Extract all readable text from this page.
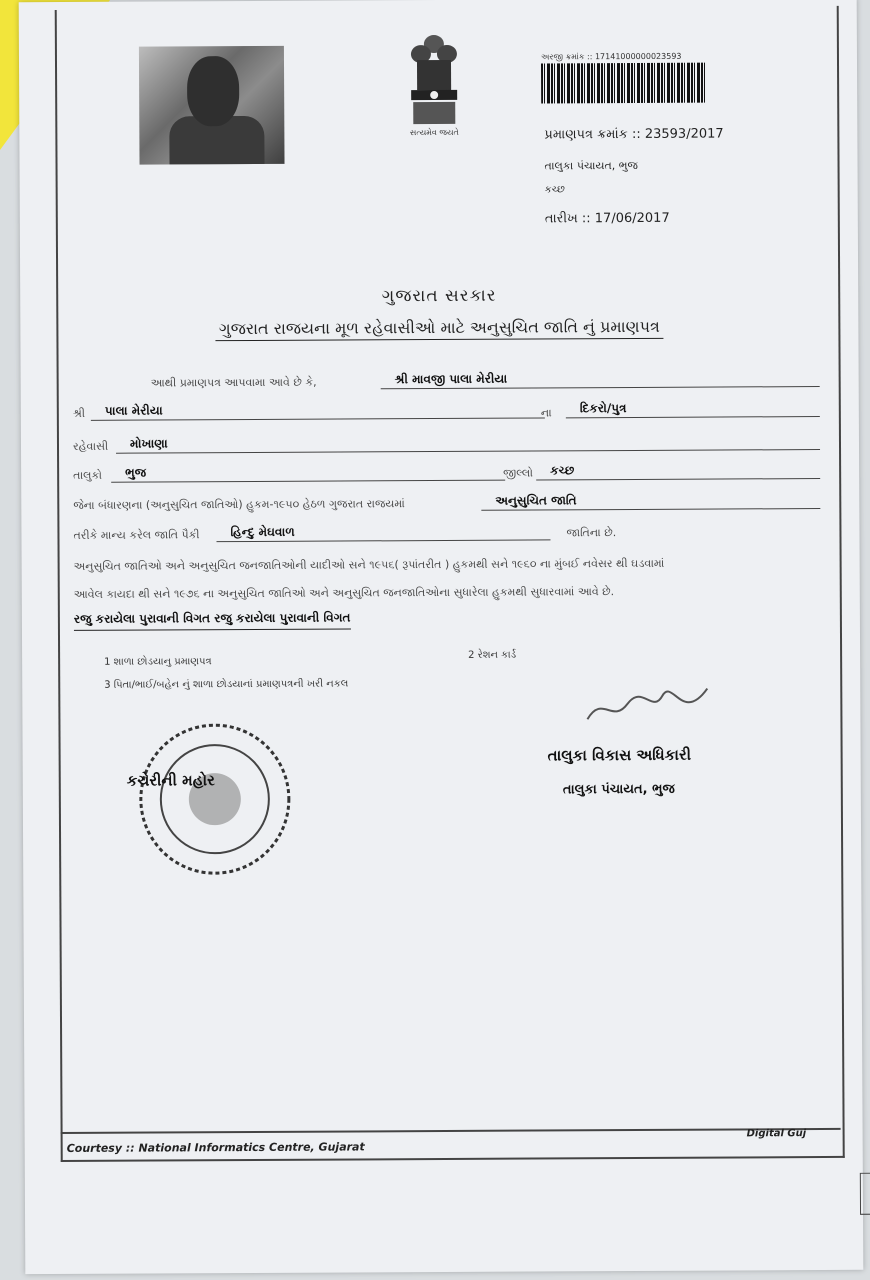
સત્યમેવ જયતે
અરજી ક્રમાંક :: 17141000000023593
પ્રમાણપત્ર ક્રમાંક :: 23593/2017
તાલુકા પંચાયત, ભુજ
કચ્છ
તારીખ :: 17/06/2017
ગુજરાત સરકાર
ગુજરાત રાજયના મૂળ રહેવાસીઓ માટે અનુસુચિત જાતિ નું પ્રમાણપત્ર
આથી પ્રમાણપત્ર આપવામા આવે છે કે,	શ્રી માવજી પાલા મેરીયા
શ્રી	પાલા મેરીયા	ના	દિકરો/પુત્ર
રહેવાસી	મોખાણા
તાલુકો	ભુજ	જીલ્લો	કચ્છ
જેના બંધારણના (અનુસુચિત જાતિઓ) હુકમ-૧૯૫૦ હેઠળ ગુજરાત રાજયમાં	અનુસુચિત જાતિ
તરીકે માન્ય કરેલ જાતિ પૈકી	હિન્દુ મેઘવાળ	જાતિના છે.
અનુસુચિત જાતિઓ અને અનુસુચિત જનજાતિઓની યાદીઓ સને ૧૯૫૬( રૂપાંતરીત ) હુકમથી સને ૧૯૬૦ ના મુંબઈ નવેસર થી ઘડવામાં
આવેલ કાયદા થી સને ૧૯૭૬ ના અનુસુચિત જાતિઓ અને અનુસુચિત જનજાતિઓના સુધારેલા હુકમથી સુધારવામાં આવે છે.
રજુ કરાયેલા પુરાવાની વિગત રજુ કરાયેલા પુરાવાની વિગત
1 શાળા છોડયાનુ પ્રમાણપત્ર
2 રેશન કાર્ડ
3 પિતા/ભાઈ/બહેન નું શાળા છોડયાનાં પ્રમાણપત્રની ખરી નકલ
કચેરીની મહોર
તાલુકા વિકાસ અધિકારી
તાલુકા પંચાયત, ભુજ
Courtesy :: National Informatics Centre, Gujarat
Digital Guj
